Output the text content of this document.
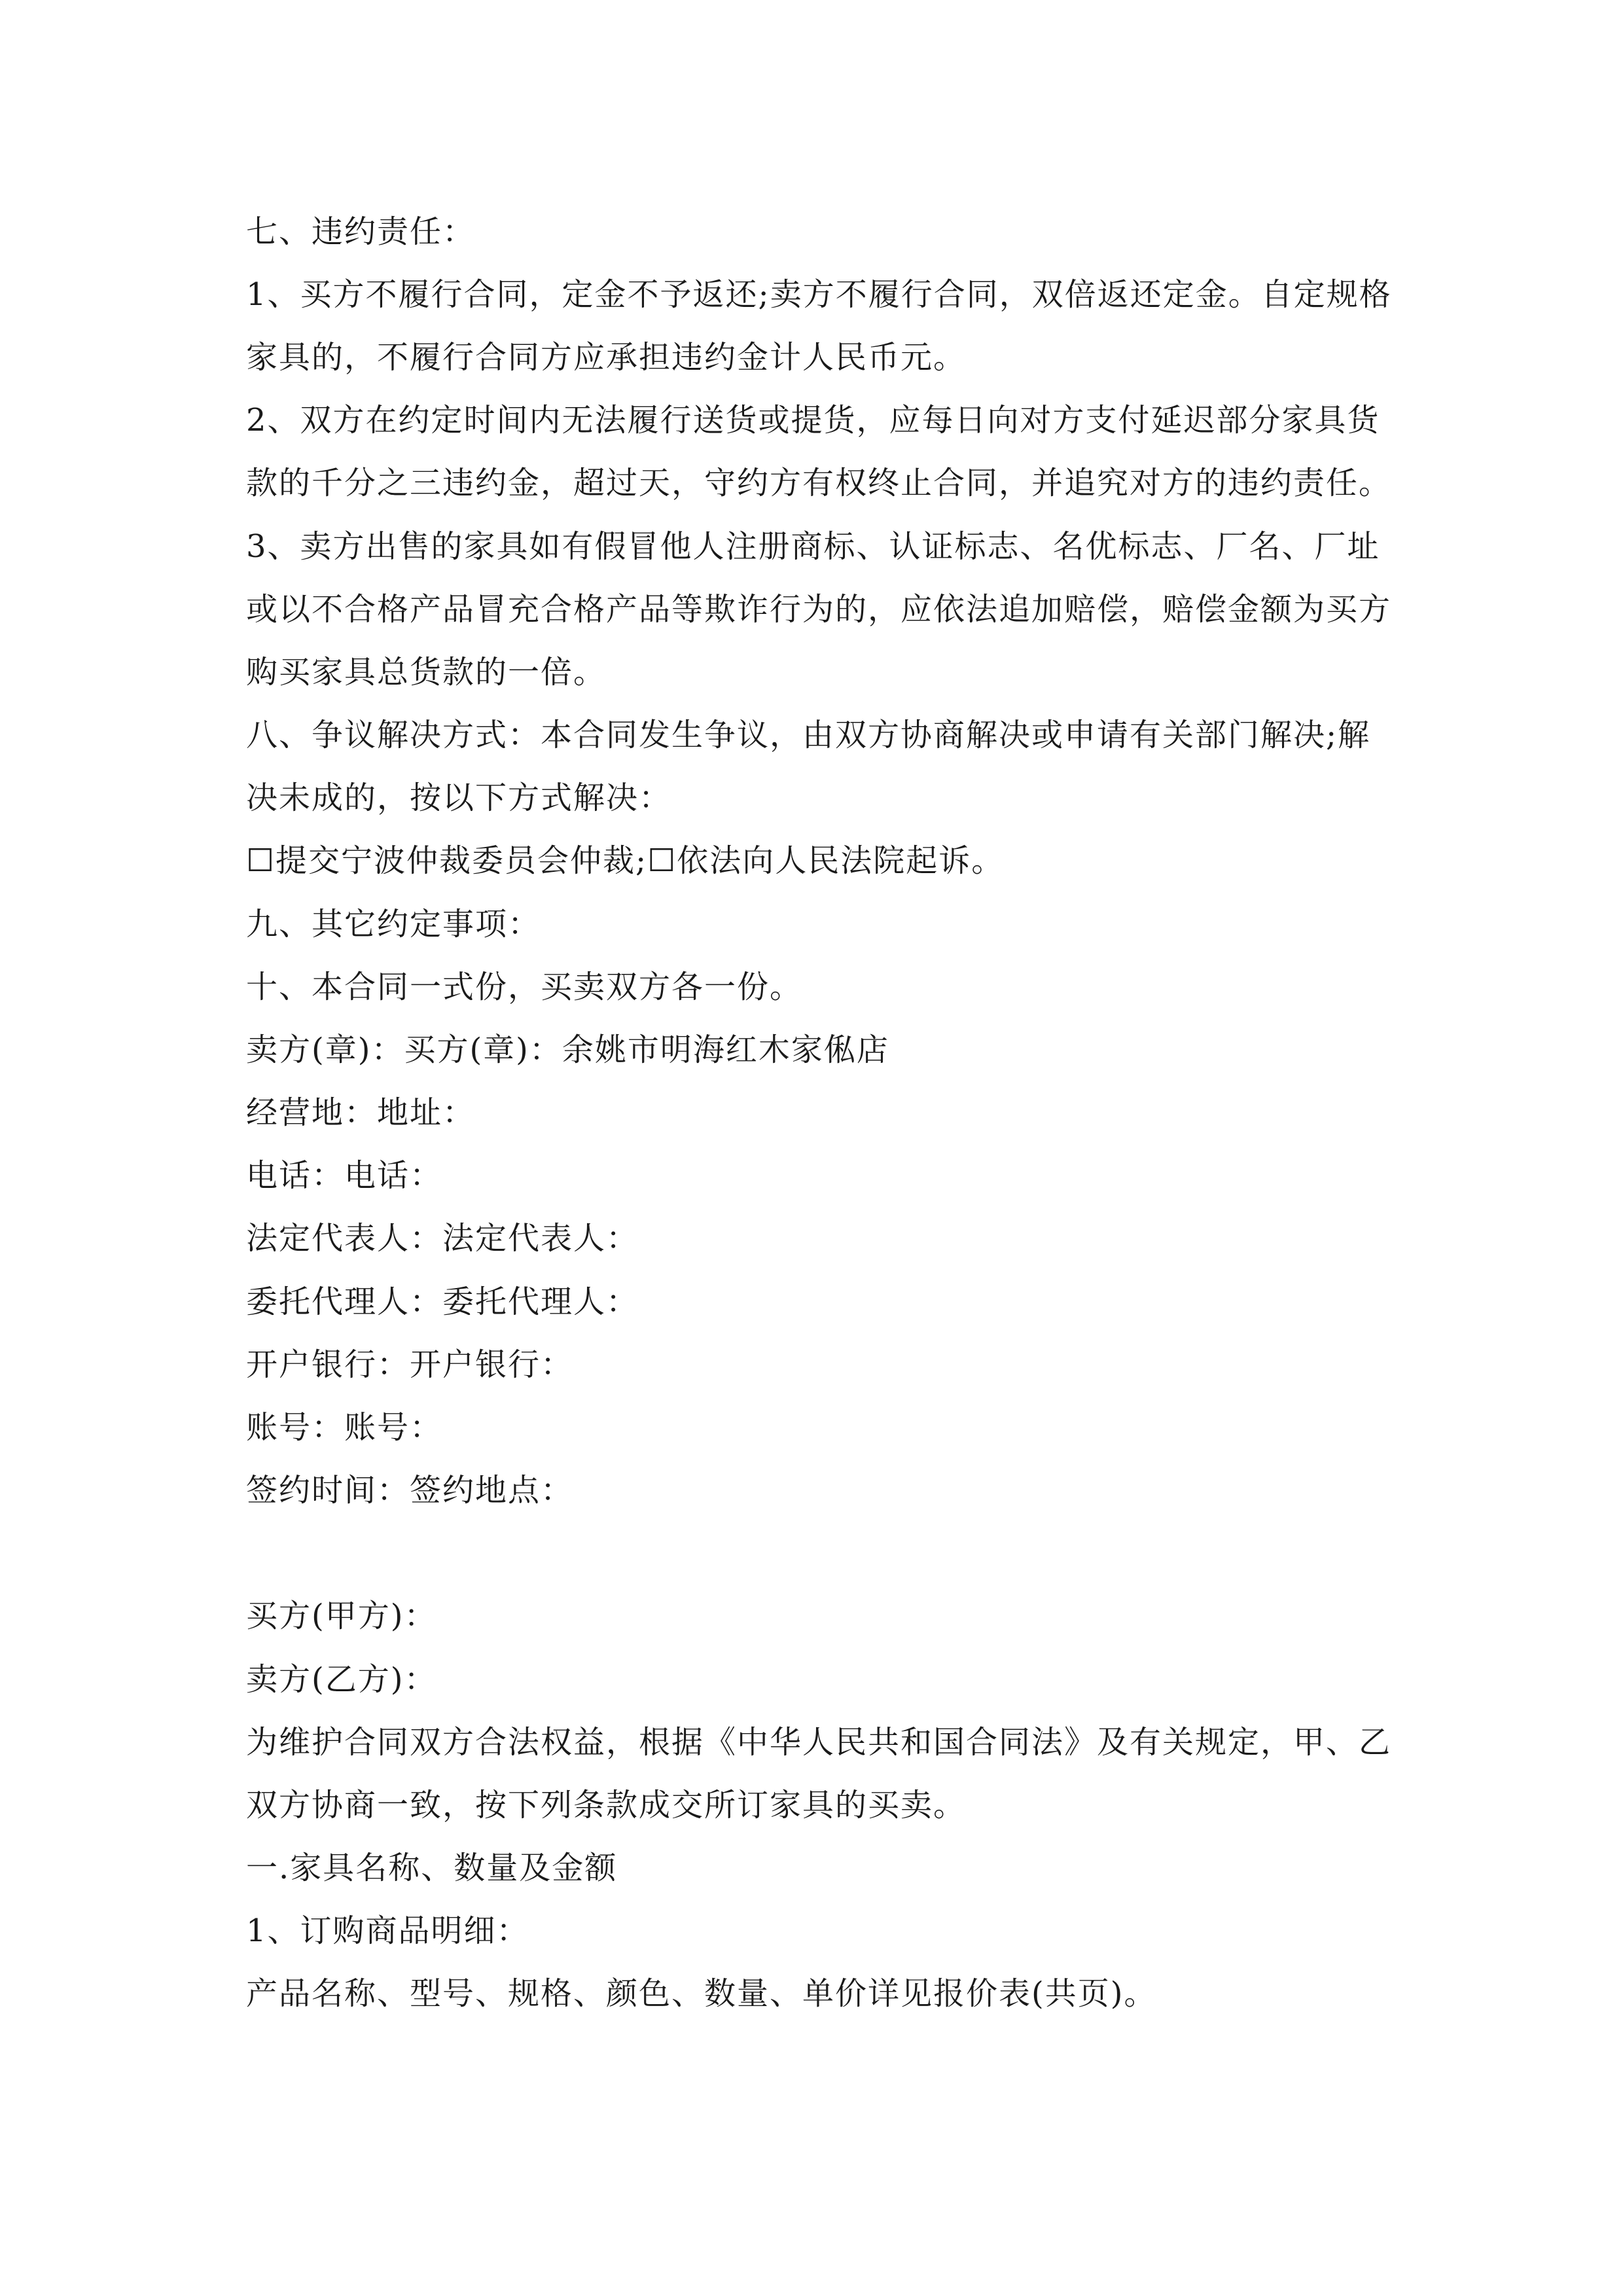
七、违约责任：
1、买方不履行合同，定金不予返还;卖方不履行合同，双倍返还定金。自定规格
家具的，不履行合同方应承担违约金计人民币元。
2、双方在约定时间内无法履行送货或提货，应每日向对方支付延迟部分家具货
款的千分之三违约金，超过天，守约方有权终止合同，并追究对方的违约责任。
3、卖方出售的家具如有假冒他人注册商标、认证标志、名优标志、厂名、厂址
或以不合格产品冒充合格产品等欺诈行为的，应依法追加赔偿，赔偿金额为买方
购买家具总货款的一倍。
八、争议解决方式：本合同发生争议，由双方协商解决或申请有关部门解决;解
决未成的，按以下方式解决：
☐提交宁波仲裁委员会仲裁;☐依法向人民法院起诉。
九、其它约定事项：
十、本合同一式份，买卖双方各一份。
卖方(章)：买方(章)：余姚市明海红木家俬店
经营地：地址：
电话：电话：
法定代表人：法定代表人：
委托代理人：委托代理人：
开户银行：开户银行：
账号：账号：
签约时间：签约地点：
买方(甲方)：
卖方(乙方)：
为维护合同双方合法权益，根据《中华人民共和国合同法》及有关规定，甲、乙
双方协商一致，按下列条款成交所订家具的买卖。
一.家具名称、数量及金额
1、订购商品明细：
产品名称、型号、规格、颜色、数量、单价详见报价表(共页)。
